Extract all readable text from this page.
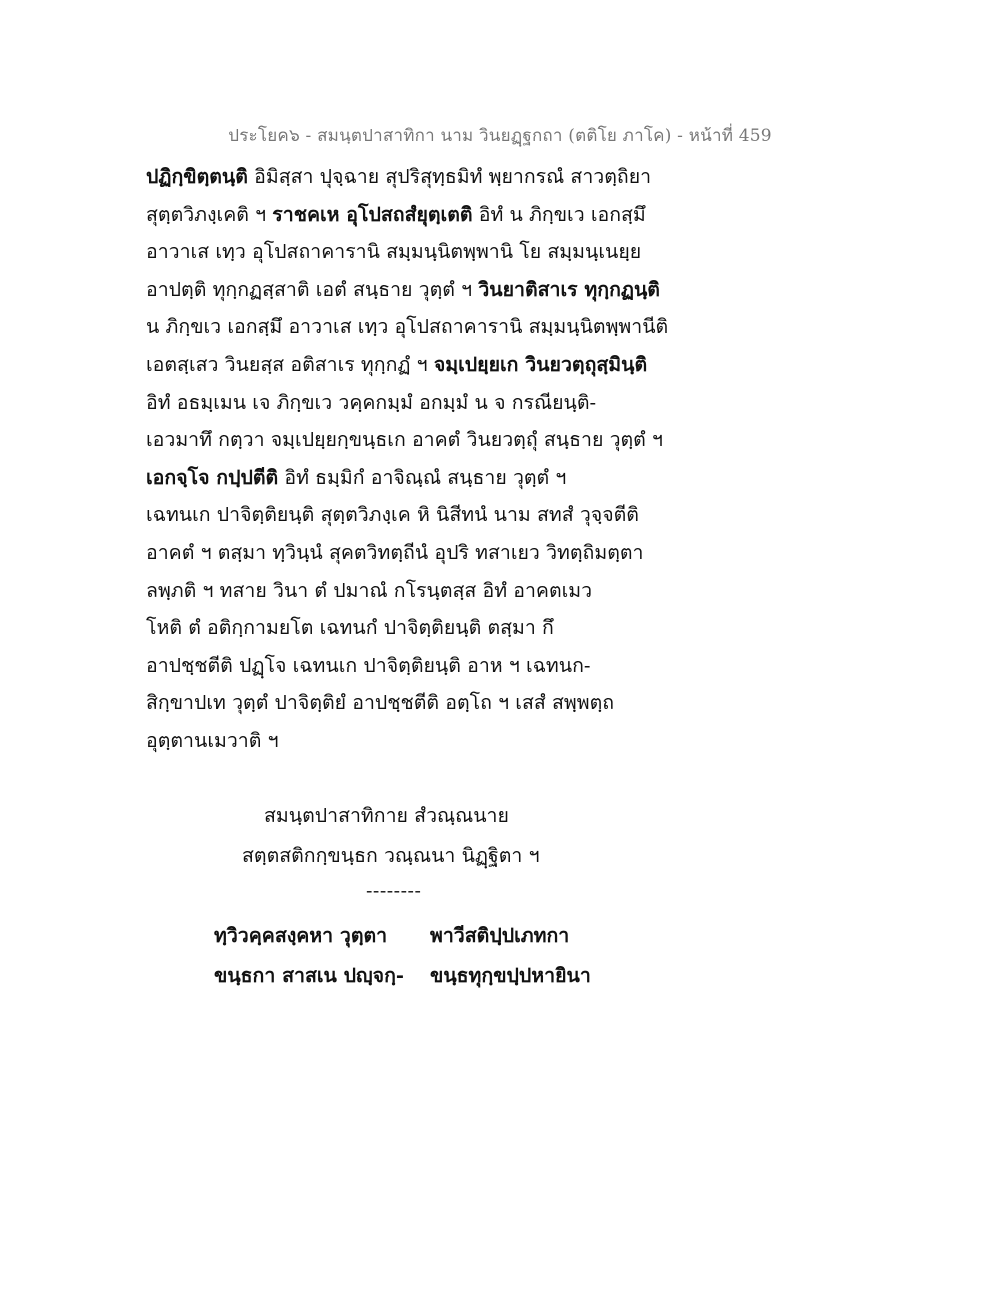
ประโยค๖ - สมนฺตปาสาทิกา นาม วินยฏฺฐกถา (ตติโย ภาโค) - หน้าที่ 459
ปฏิกฺขิตฺตนฺติ อิมิสฺสา ปุจฺฉาย สุปริสุทฺธมิทํ พฺยากรณํ สาวตฺถิยา
สุตฺตวิภงฺเคติ ฯ ราชคเห อุโปสถสํยุตฺเตติ อิทํ น ภิกฺขเว เอกสฺมึ
อาวาเส เทฺว อุโปสถาคารานิ สมฺมนฺนิตพฺพานิ โย สมฺมนฺเนยฺย
อาปตฺติ ทุกฺกฏสฺสาติ เอตํ สนฺธาย วุตฺตํ ฯ วินยาติสาเร ทุกฺกฏนฺติ
น ภิกฺขเว เอกสฺมึ อาวาเส เทฺว อุโปสถาคารานิ สมฺมนฺนิตพฺพานีติ
เอตสฺเสว วินยสฺส อติสาเร ทุกฺกฏํ ฯ จมฺเปยฺยเก วินยวตฺถุสฺมินฺติ
อิทํ อธมฺเมน เจ ภิกฺขเว วคฺคกมฺมํ อกมฺมํ น จ กรณียนฺติ-
เอวมาทึ กตฺวา จมฺเปยฺยกฺขนฺธเก อาคตํ วินยวตฺถุํ สนฺธาย วุตฺตํ ฯ
เอกจฺโจ กปฺปตีติ อิทํ ธมฺมิกํ อาจิณฺณํ สนฺธาย วุตฺตํ ฯ
เฉทนเก ปาจิตฺติยนฺติ สุตฺตวิภงฺเค หิ นิสีทนํ นาม สทสํ วุจฺจตีติ
อาคตํ ฯ ตสฺมา ทฺวินฺนํ สุคตวิทตฺถีนํ อุปริ ทสาเยว วิทตฺถิมตฺตา
ลพฺภติ ฯ ทสาย วินา ตํ ปมาณํ กโรนฺตสฺส อิทํ อาคตเมว
โหติ ตํ อติกฺกามยโต เฉทนกํ ปาจิตฺติยนฺติ ตสฺมา กึ
อาปชฺชตีติ ปฏฺโจ เฉทนเก ปาจิตฺติยนฺติ อาห ฯ เฉทนก-
สิกฺขาปเท วุตฺตํ ปาจิตฺติยํ อาปชฺชตีติ อตฺโถ ฯ เสสํ สพฺพตฺถ
อุตฺตานเมวาติ ฯ
สมนฺตปาสาทิกาย สํวณฺณนาย
สตฺตสติกกฺขนฺธก วณฺณนา นิฏฺฐิตา ฯ
--------
ทฺวิวคฺคสงฺคหา วุตฺตา พาวีสติปฺปเภทกา
ขนฺธกา สาสเน ปญฺจกฺ- ขนฺธทุกฺขปฺปหายินา
